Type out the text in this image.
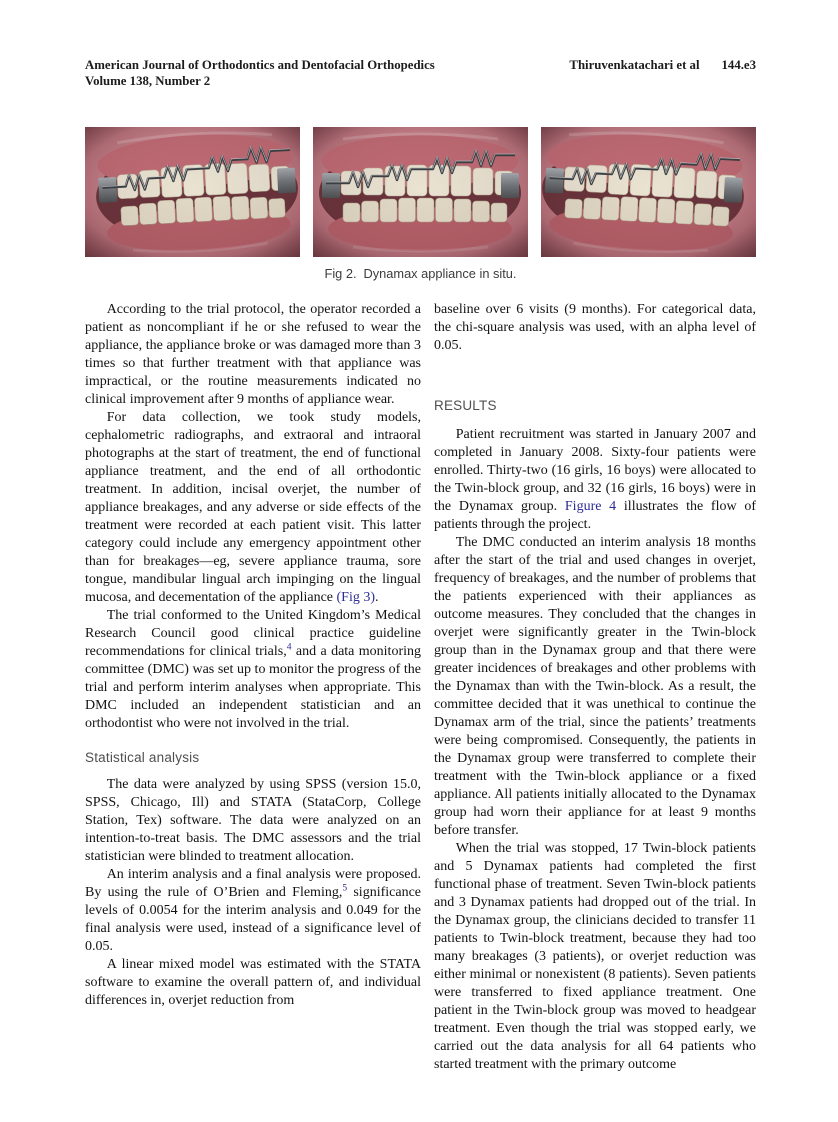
American Journal of Orthodontics and Dentofacial Orthopedics
Volume 138, Number 2
Thiruvenkatachari et al 144.e3
Fig 2. Dynamax appliance in situ.

According to the trial protocol, the operator recorded a patient as noncompliant if he or she refused to wear the appliance, the appliance broke or was damaged more than 3 times so that further treatment with that appliance was impractical, or the routine measurements indicated no clinical improvement after 9 months of appliance wear.

For data collection, we took study models, cephalometric radiographs, and extraoral and intraoral photographs at the start of treatment, the end of functional appliance treatment, and the end of all orthodontic treatment. In addition, incisal overjet, the number of appliance breakages, and any adverse or side effects of the treatment were recorded at each patient visit. This latter category could include any emergency appointment other than for breakages—eg, severe appliance trauma, sore tongue, mandibular lingual arch impinging on the lingual mucosa, and decementation of the appliance (Fig 3).

The trial conformed to the United Kingdom’s Medical Research Council good clinical practice guideline recommendations for clinical trials,$^4$ and a data monitoring committee (DMC) was set up to monitor the progress of the trial and perform interim analyses when appropriate. This DMC included an independent statistician and an orthodontist who were not involved in the trial.

Statistical analysis

The data were analyzed by using SPSS (version 15.0, SPSS, Chicago, Ill) and STATA (StataCorp, College Station, Tex) software. The data were analyzed on an intention-to-treat basis. The DMC assessors and the trial statistician were blinded to treatment allocation.

An interim analysis and a final analysis were proposed. By using the rule of O’Brien and Fleming,$^5$ significance levels of 0.0054 for the interim analysis and 0.049 for the final analysis were used, instead of a significance level of 0.05.

A linear mixed model was estimated with the STATA software to examine the overall pattern of, and individual differences in, overjet reduction from

baseline over 6 visits (9 months). For categorical data, the chi-square analysis was used, with an alpha level of 0.05.

RESULTS

Patient recruitment was started in January 2007 and completed in January 2008. Sixty-four patients were enrolled. Thirty-two (16 girls, 16 boys) were allocated to the Twin-block group, and 32 (16 girls, 16 boys) were in the Dynamax group. Figure 4 illustrates the flow of patients through the project.

The DMC conducted an interim analysis 18 months after the start of the trial and used changes in overjet, frequency of breakages, and the number of problems that the patients experienced with their appliances as outcome measures. They concluded that the changes in overjet were significantly greater in the Twin-block group than in the Dynamax group and that there were greater incidences of breakages and other problems with the Dynamax than with the Twin-block. As a result, the committee decided that it was unethical to continue the Dynamax arm of the trial, since the patients’ treatments were being compromised. Consequently, the patients in the Dynamax group were transferred to complete their treatment with the Twin-block appliance or a fixed appliance. All patients initially allocated to the Dynamax group had worn their appliance for at least 9 months before transfer.

When the trial was stopped, 17 Twin-block patients and 5 Dynamax patients had completed the first functional phase of treatment. Seven Twin-block patients and 3 Dynamax patients had dropped out of the trial. In the Dynamax group, the clinicians decided to transfer 11 patients to Twin-block treatment, because they had too many breakages (3 patients), or overjet reduction was either minimal or nonexistent (8 patients). Seven patients were transferred to fixed appliance treatment. One patient in the Twin-block group was moved to headgear treatment. Even though the trial was stopped early, we carried out the data analysis for all 64 patients who started treatment with the primary outcome
